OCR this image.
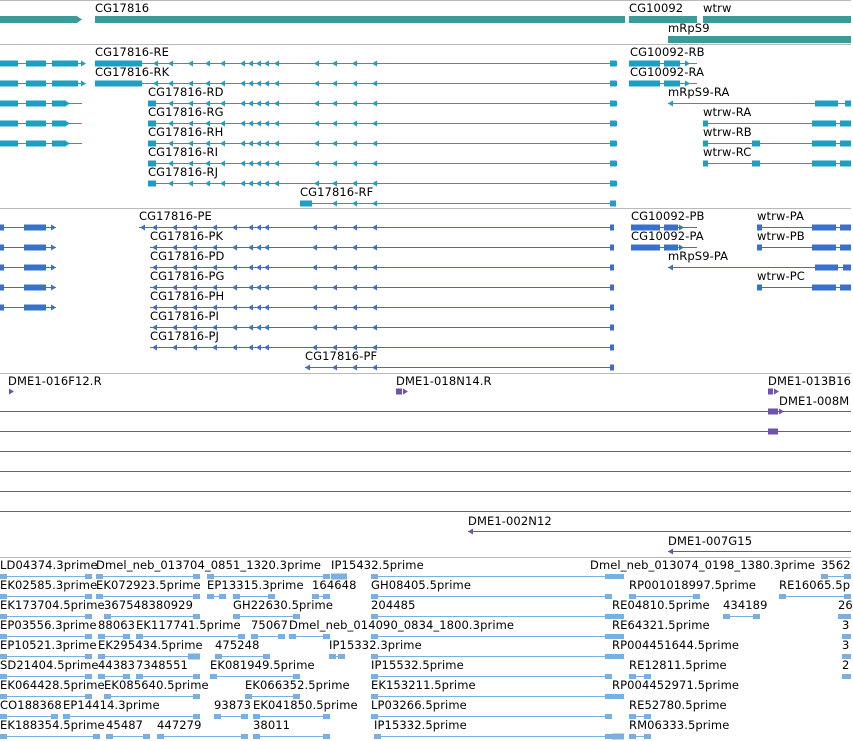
CG17816	CG10092 wtrw
mRpS9
CG17816-RE	CG10092-RB
CG17816-RK	CG10092-RA
CG17816-RD	mRpS9-RA
CG17816-RG	wtrw-RA
CG17816-RH	wtrw-RB
CG17816-RI	wtrw-RC
CG17816-RJ
CG17816-RF
CG17816-PE	CG10092-PB	wtrw-PA
CG17816-PK	CG10092-PA	wtrw-PB
CG17816-PD	mRpS9-PA
CG17816-PG	wtrw-PC
CG17816-PH
CG17816-PI
CG17816-PJ
CG17816-PF
DME1-016F12.R	DME1-018N14.R	DME1-013B16
DME1-008M
DME1-002N12
DME1-007G15
LD04374.3prime
Dmel_neb_013704_0851_1320.3prime IP15432.5prime	Dmel_neb_013074_0198_1380.3prime 3562
EK02585.3prime
EK072923.5prime EP13315.3prime 164648 GH08405.5prime	RP001018997.5prime RE16065.5p
EK173704.5prime 367548380929	GH22630.5prime	204485	RE04810.5prime 434189	26
EP03556.3prime 88063 EK117741.5prime 75067 Dmel_neb_014090_0834_1800.3prime	RE64321.5prime	3
EP10521.3prime EK295434.5prime 475248	IP15332.3prime	RP004451644.5prime	3
SD21404.5prime 44383 7348551 EK081949.5prime	IP15532.5prime	RE12811.5prime	2
EK064428.5prime EK085640.5prime	EK066352.5prime EK153211.5prime	RP004452971.5prime
CO188368 EP14414.3prime	93873 EK041850.5prime LP03266.5prime	RE52780.5prime
EK188354.5prime 45487 447279	38011	IP15332.5prime	RM06333.5prime
